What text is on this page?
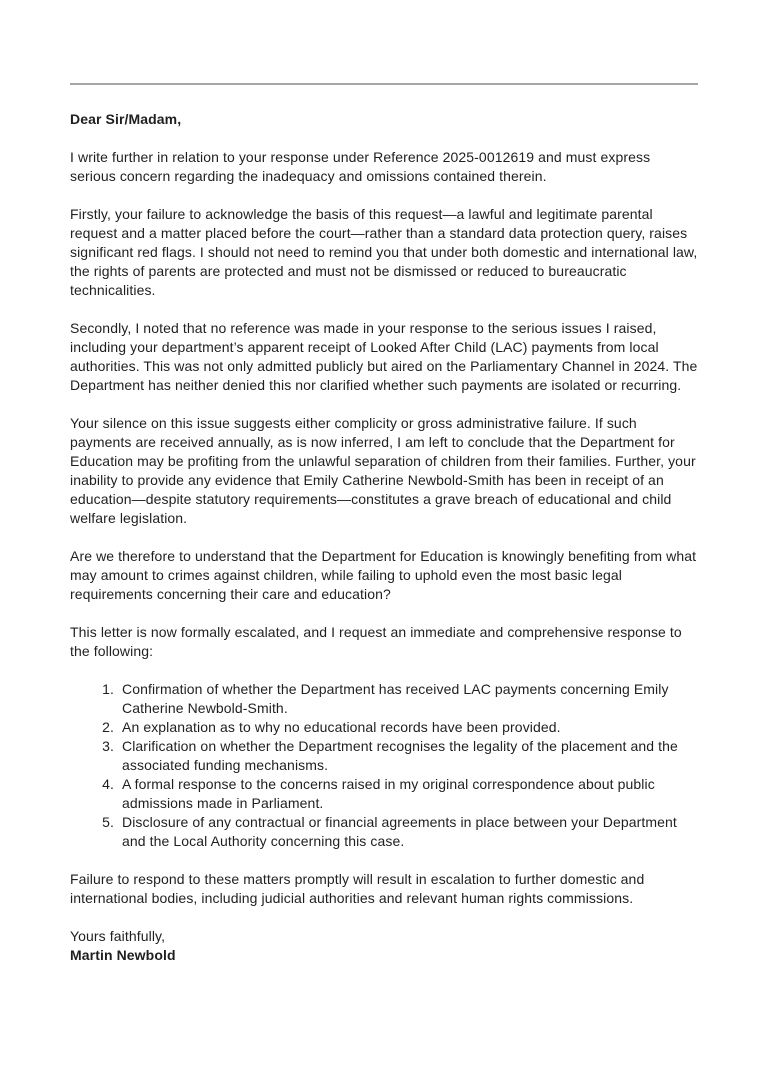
Dear Sir/Madam,

I write further in relation to your response under Reference 2025-0012619 and must express serious concern regarding the inadequacy and omissions contained therein.

Firstly, your failure to acknowledge the basis of this request—a lawful and legitimate parental request and a matter placed before the court—rather than a standard data protection query, raises significant red flags. I should not need to remind you that under both domestic and international law, the rights of parents are protected and must not be dismissed or reduced to bureaucratic technicalities.

Secondly, I noted that no reference was made in your response to the serious issues I raised, including your department’s apparent receipt of Looked After Child (LAC) payments from local authorities. This was not only admitted publicly but aired on the Parliamentary Channel in 2024. The Department has neither denied this nor clarified whether such payments are isolated or recurring.

Your silence on this issue suggests either complicity or gross administrative failure. If such payments are received annually, as is now inferred, I am left to conclude that the Department for Education may be profiting from the unlawful separation of children from their families. Further, your inability to provide any evidence that Emily Catherine Newbold-Smith has been in receipt of an education—despite statutory requirements—constitutes a grave breach of educational and child welfare legislation.

Are we therefore to understand that the Department for Education is knowingly benefiting from what may amount to crimes against children, while failing to uphold even the most basic legal requirements concerning their care and education?

This letter is now formally escalated, and I request an immediate and comprehensive response to the following:

1. Confirmation of whether the Department has received LAC payments concerning Emily Catherine Newbold-Smith.
2. An explanation as to why no educational records have been provided.
3. Clarification on whether the Department recognises the legality of the placement and the associated funding mechanisms.
4. A formal response to the concerns raised in my original correspondence about public admissions made in Parliament.
5. Disclosure of any contractual or financial agreements in place between your Department and the Local Authority concerning this case.

Failure to respond to these matters promptly will result in escalation to further domestic and international bodies, including judicial authorities and relevant human rights commissions.

Yours faithfully,

Martin Newbold
